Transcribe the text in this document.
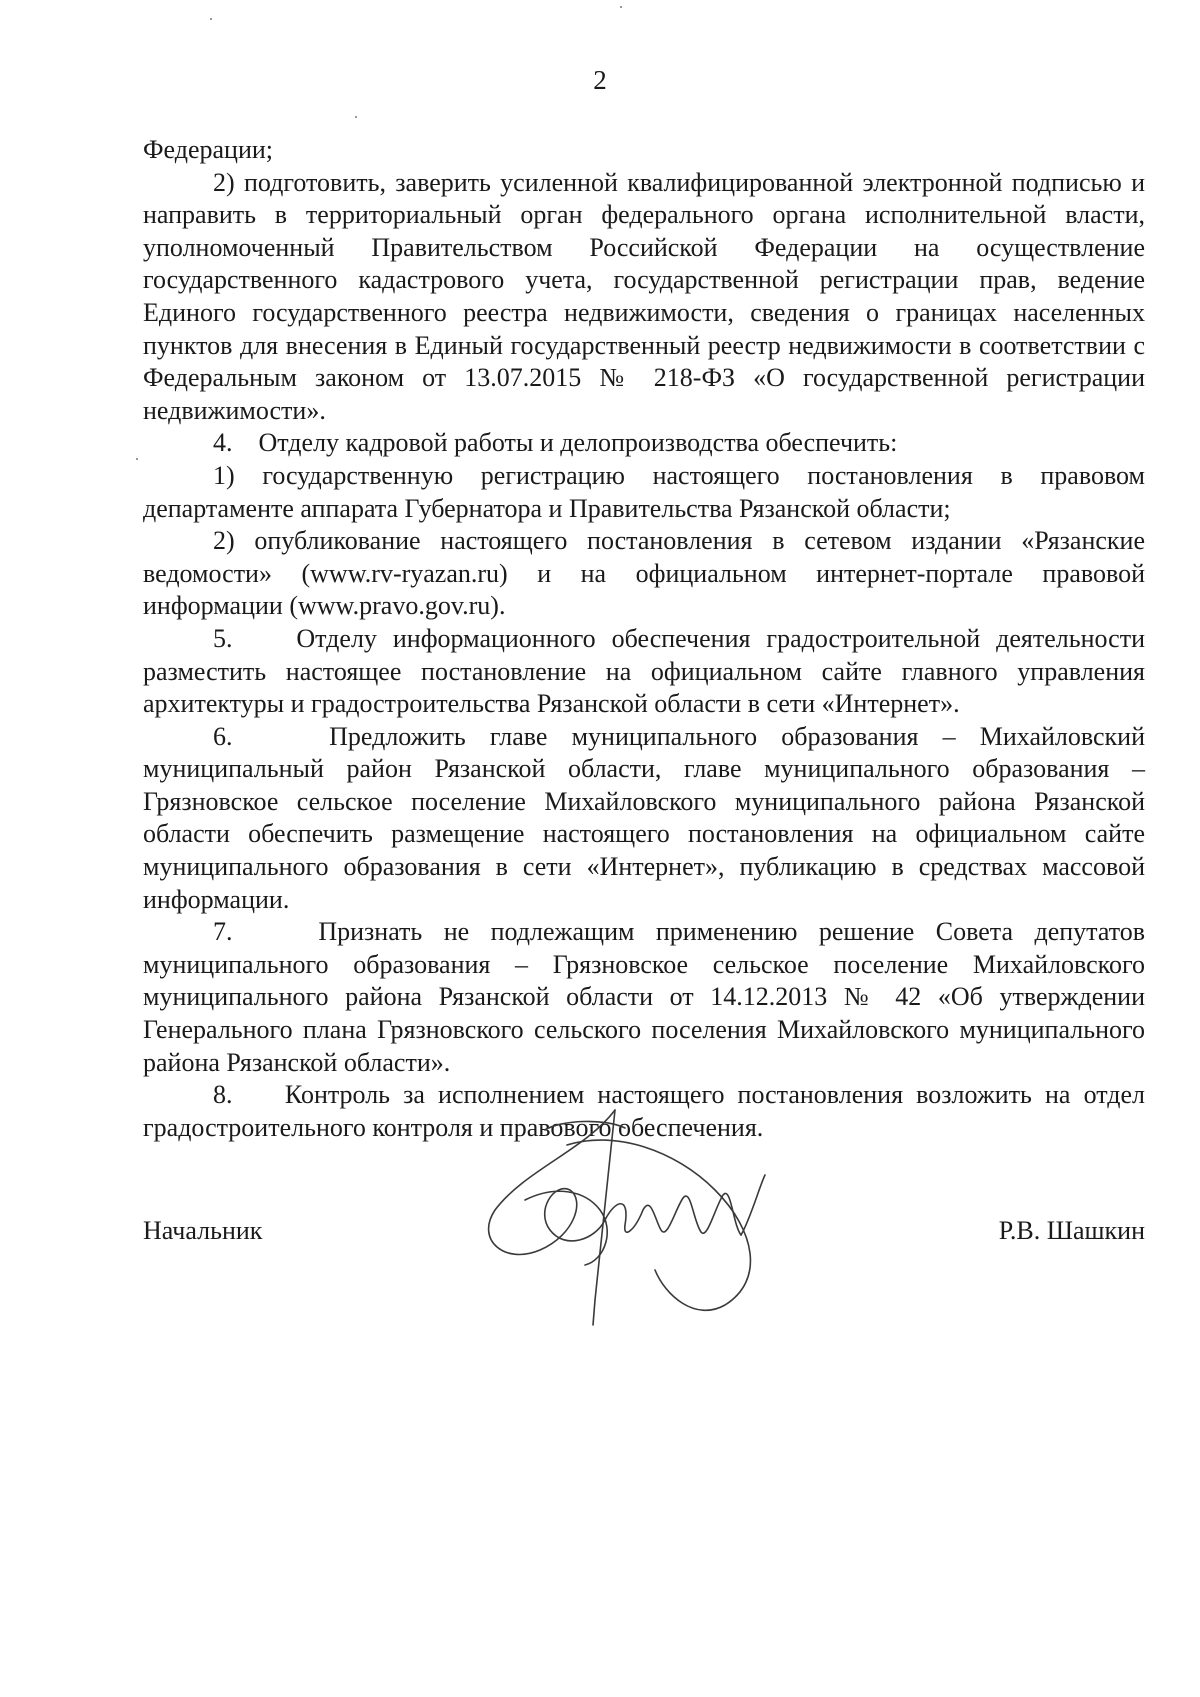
2

Федерации;

2) подготовить, заверить усиленной квалифицированной электронной подписью и направить в территориальный орган федерального органа исполнительной власти, уполномоченный Правительством Российской Федерации на осуществление государственного кадастрового учета, государственной регистрации прав, ведение Единого государственного реестра недвижимости, сведения о границах населенных пунктов для внесения в Единый государственный реестр недвижимости в соответствии с Федеральным законом от 13.07.2015 № 218-ФЗ «О государственной регистрации недвижимости».

4.    Отделу кадровой работы и делопроизводства обеспечить:

1) государственную регистрацию настоящего постановления в правовом департаменте аппарата Губернатора и Правительства Рязанской области;

2) опубликование настоящего постановления в сетевом издании «Рязанские ведомости» (www.rv-ryazan.ru) и на официальном интернет-портале правовой информации (www.pravo.gov.ru).

5.    Отделу информационного обеспечения градостроительной деятельности разместить настоящее постановление на официальном сайте главного управления архитектуры и градостроительства Рязанской области в сети «Интернет».

6.    Предложить главе муниципального образования – Михайловский муниципальный район Рязанской области, главе муниципального образования – Грязновское сельское поселение Михайловского муниципального района Рязанской области обеспечить размещение настоящего постановления на официальном сайте муниципального образования в сети «Интернет», публикацию в средствах массовой информации.

7.    Признать не подлежащим применению решение Совета депутатов муниципального образования – Грязновское сельское поселение Михайловского муниципального района Рязанской области от 14.12.2013 № 42 «Об утверждении Генерального плана Грязновского сельского поселения Михайловского муниципального района Рязанской области».

8.    Контроль за исполнением настоящего постановления возложить на отдел градостроительного контроля и правового обеспечения.

Начальник	Р.В. Шашкин
